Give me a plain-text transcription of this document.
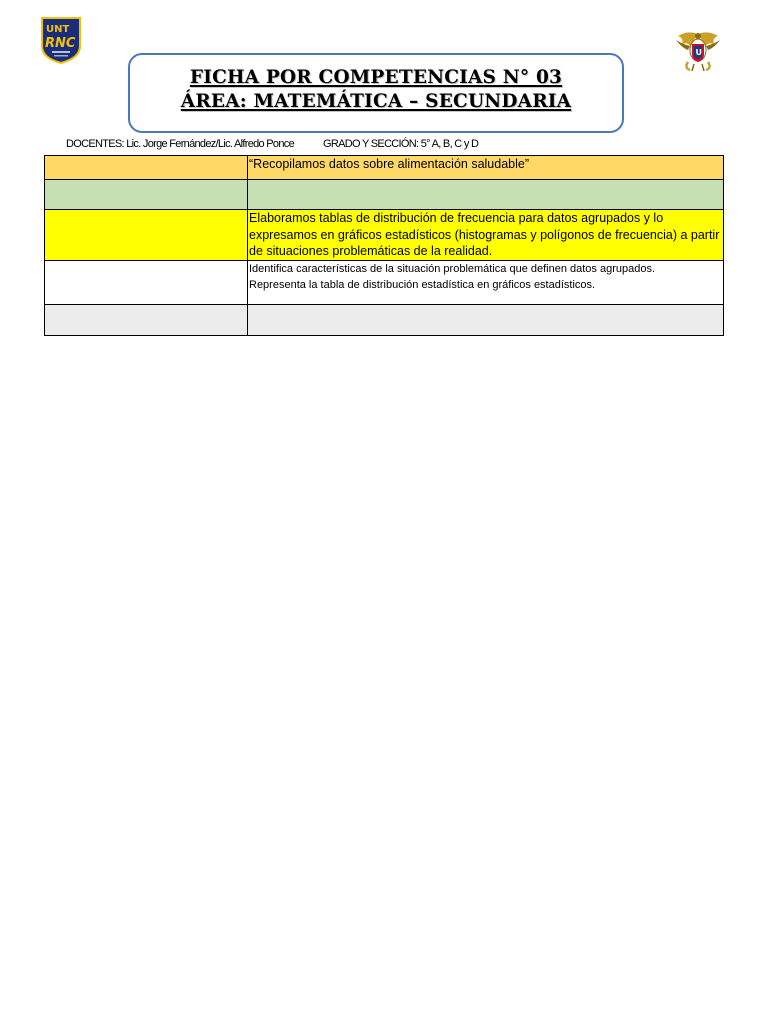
UNT
RNC
U
FICHA POR COMPETENCIAS N° 03
ÁREA: MATEMÁTICA – SECUNDARIA
DOCENTES: Lic. Jorge Fernández/Lic. Alfredo Ponce	GRADO Y SECCIÓN: 5° A, B, C y D
	“Recopilamos datos sobre alimentación saludable”

	Elaboramos tablas de distribución de frecuencia para datos agrupados y lo expresamos en gráficos estadísticos (histogramas y polígonos de frecuencia) a partir de situaciones problemáticas de la realidad.

	Identifica características de la situación problemática que definen datos agrupados.
Representa la tabla de distribución estadística en gráficos estadísticos.
